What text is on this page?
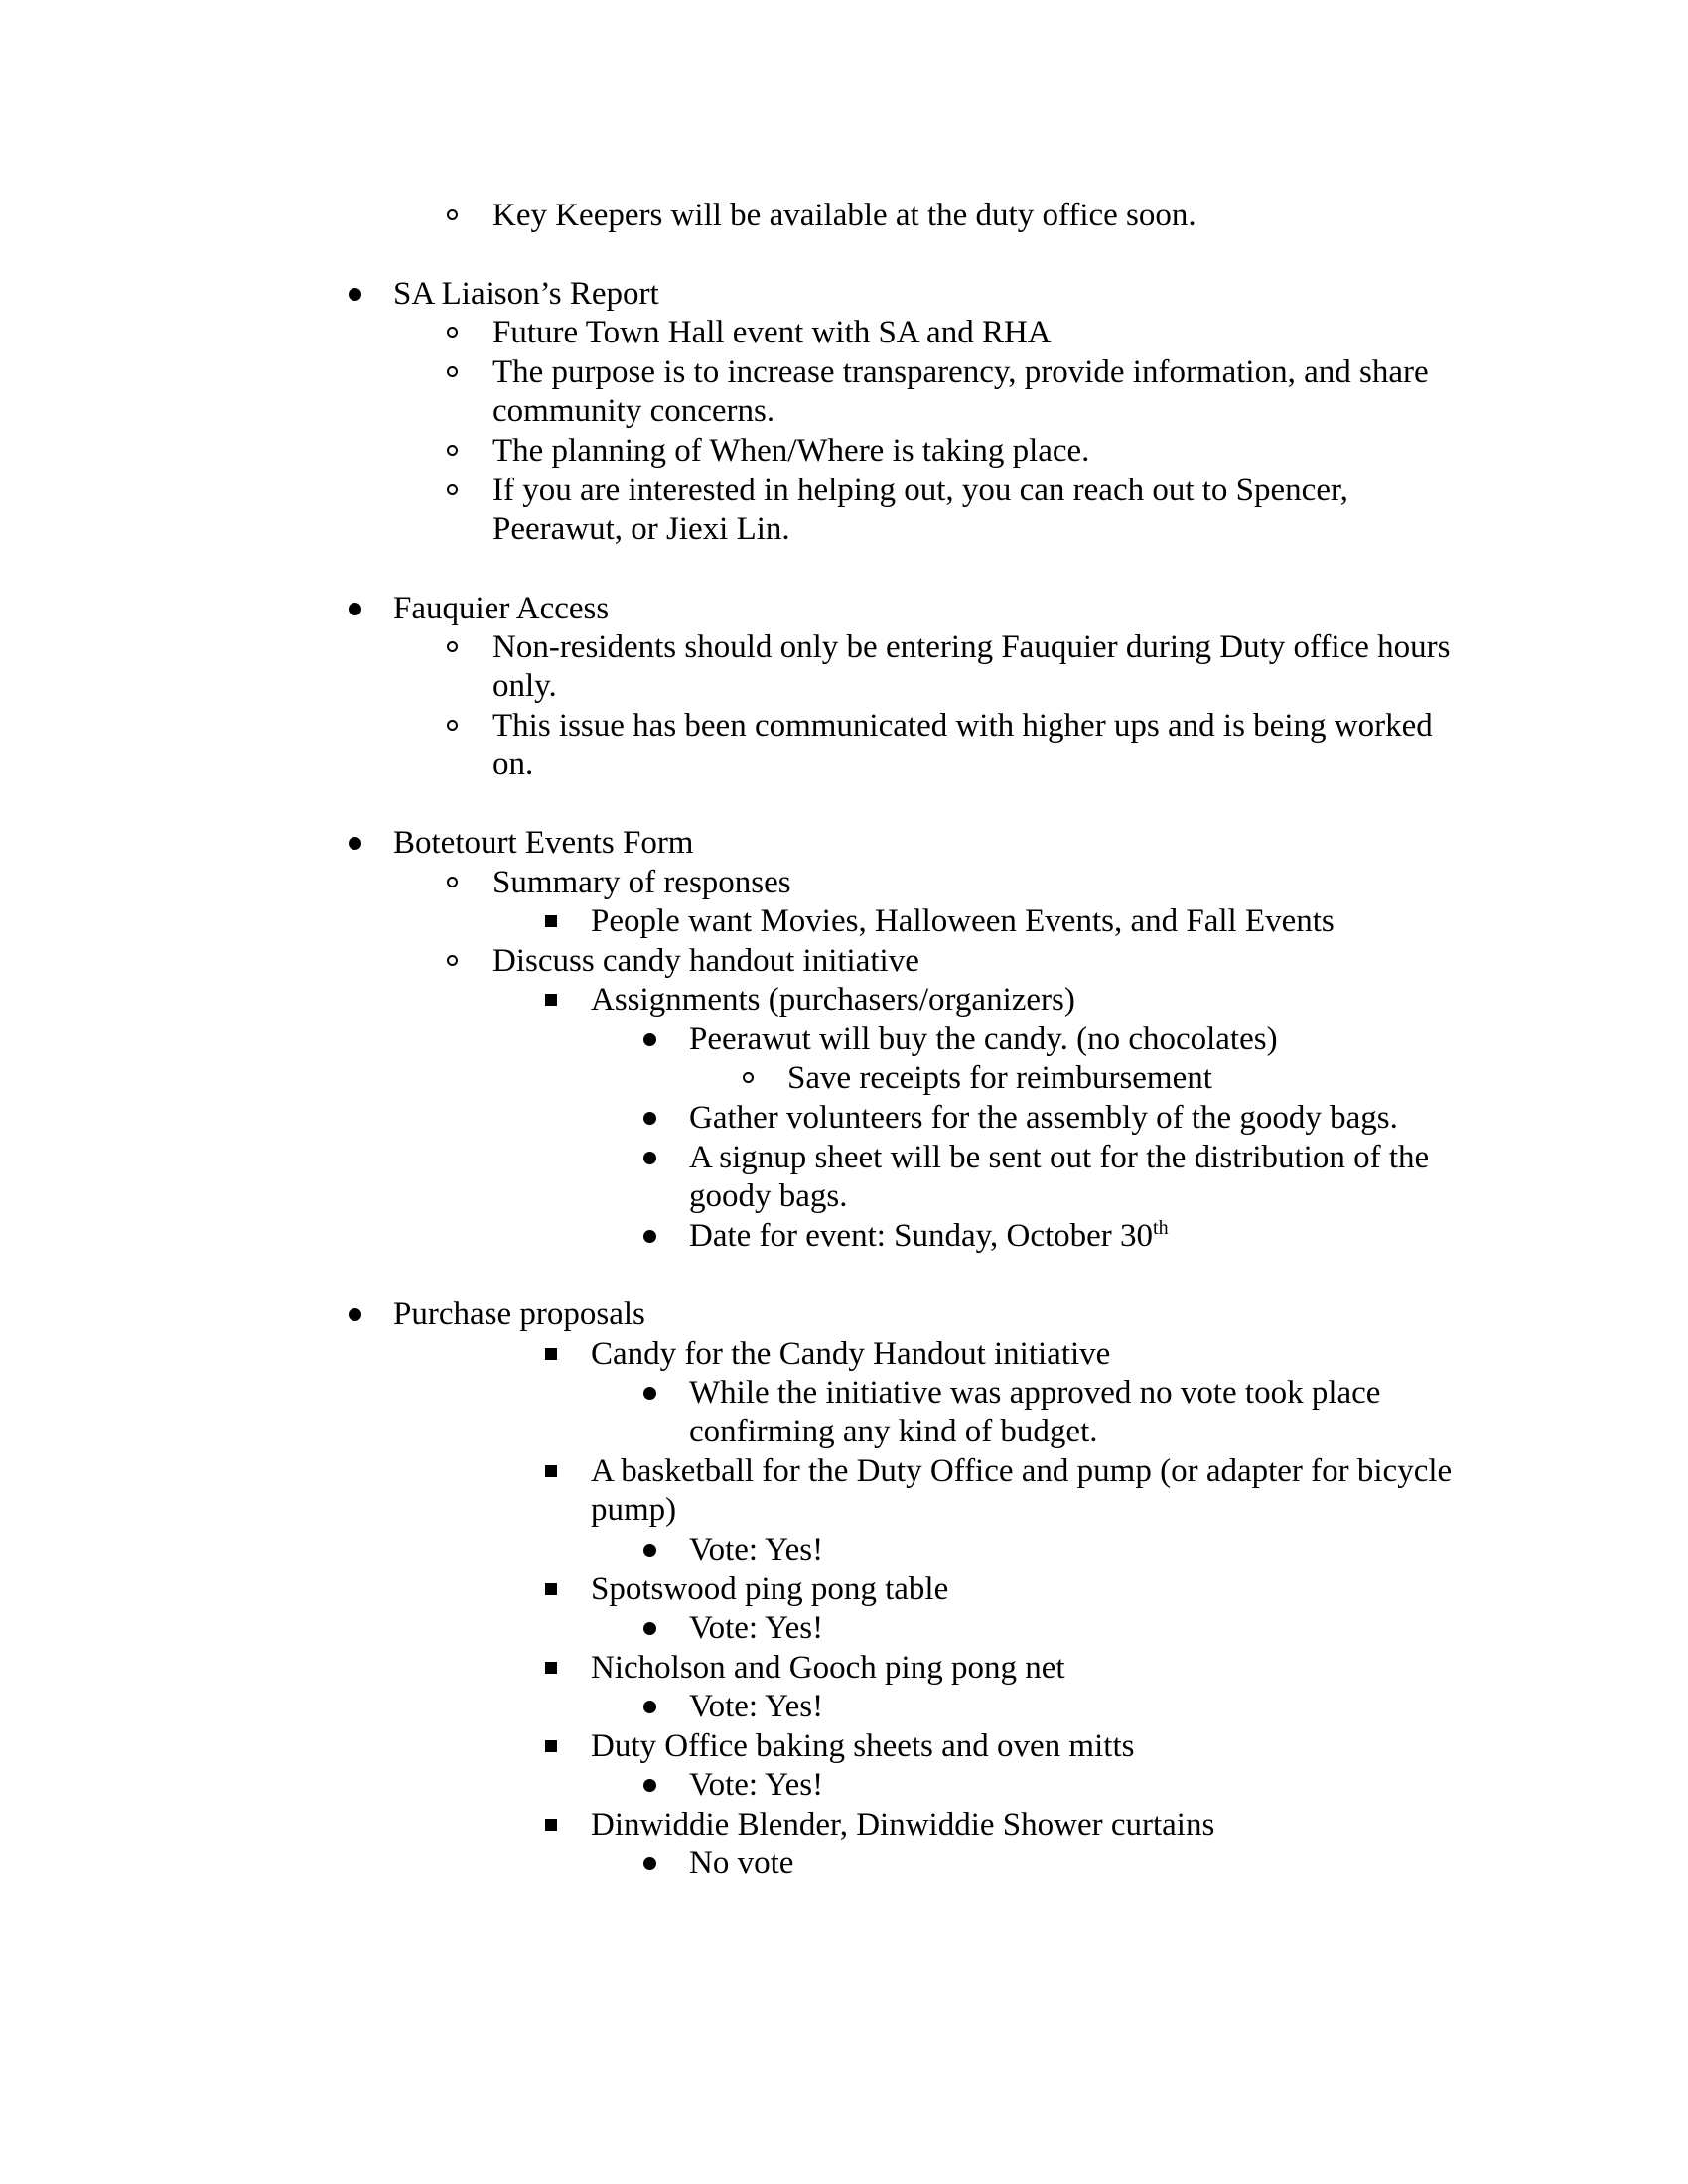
Key Keepers will be available at the duty office soon.
SA Liaison’s Report
Future Town Hall event with SA and RHA
The purpose is to increase transparency, provide information, and share
community concerns.
The planning of When/Where is taking place.
If you are interested in helping out, you can reach out to Spencer,
Peerawut, or Jiexi Lin.
Fauquier Access
Non-residents should only be entering Fauquier during Duty office hours
only.
This issue has been communicated with higher ups and is being worked
on.
Botetourt Events Form
Summary of responses
People want Movies, Halloween Events, and Fall Events
Discuss candy handout initiative
Assignments (purchasers/organizers)
Peerawut will buy the candy. (no chocolates)
Save receipts for reimbursement
Gather volunteers for the assembly of the goody bags.
A signup sheet will be sent out for the distribution of the
goody bags.
Date for event: Sunday, October 30th
Purchase proposals
Candy for the Candy Handout initiative
While the initiative was approved no vote took place
confirming any kind of budget.
A basketball for the Duty Office and pump (or adapter for bicycle
pump)
Vote: Yes!
Spotswood ping pong table
Vote: Yes!
Nicholson and Gooch ping pong net
Vote: Yes!
Duty Office baking sheets and oven mitts
Vote: Yes!
Dinwiddie Blender, Dinwiddie Shower curtains
No vote
